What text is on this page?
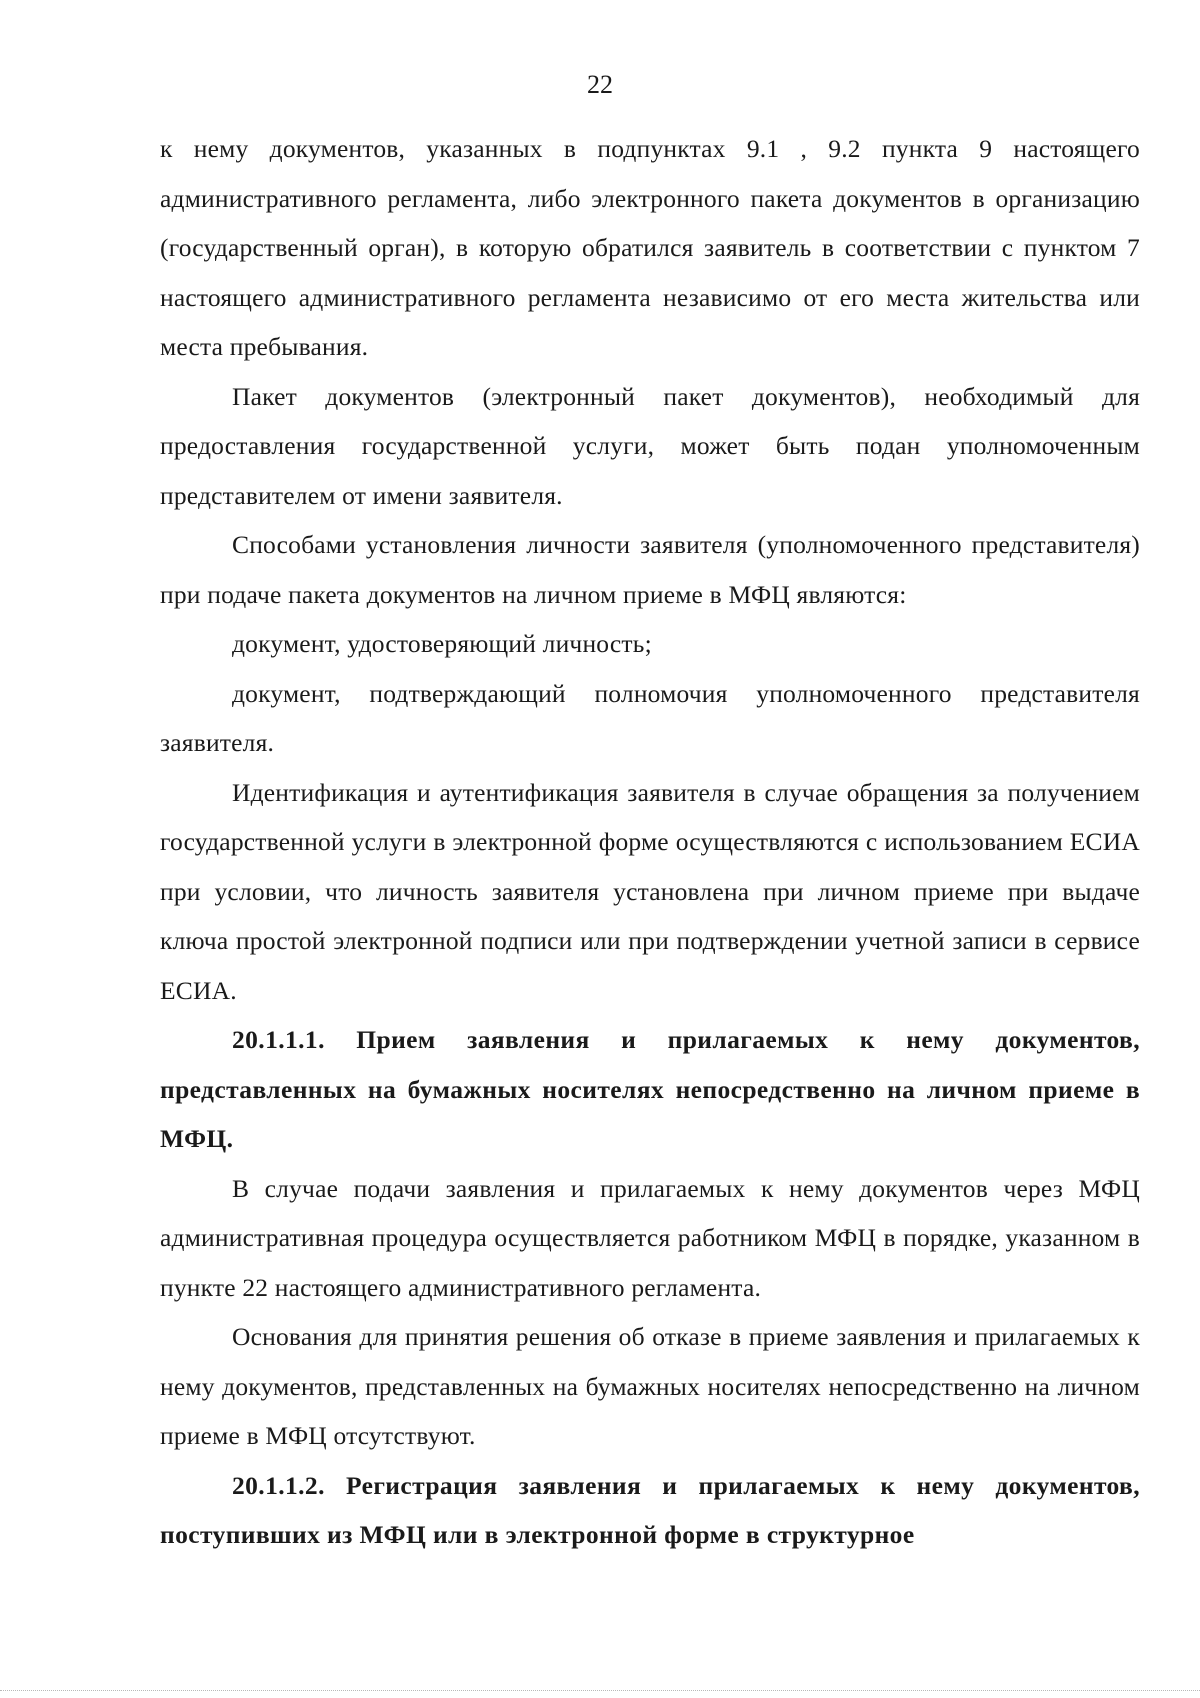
22

к нему документов, указанных в подпунктах 9.1 , 9.2 пункта 9 настоящего административного регламента, либо электронного пакета документов в организацию (государственный орган), в которую обратился заявитель в соответствии с пунктом 7 настоящего административного регламента независимо от его места жительства или места пребывания.

Пакет документов (электронный пакет документов), необходимый для предоставления государственной услуги, может быть подан уполномоченным представителем от имени заявителя.

Способами установления личности заявителя (уполномоченного представителя) при подаче пакета документов на личном приеме в МФЦ являются:

документ, удостоверяющий личность;

документ, подтверждающий полномочия уполномоченного представителя заявителя.

Идентификация и аутентификация заявителя в случае обращения за получением государственной услуги в электронной форме осуществляются с использованием ЕСИА при условии, что личность заявителя установлена при личном приеме при выдаче ключа простой электронной подписи или при подтверждении учетной записи в сервисе ЕСИА.

20.1.1.1. Прием заявления и прилагаемых к нему документов, представленных на бумажных носителях непосредственно на личном приеме в МФЦ.

В случае подачи заявления и прилагаемых к нему документов через МФЦ административная процедура осуществляется работником МФЦ в порядке, указанном в пункте 22 настоящего административного регламента.

Основания для принятия решения об отказе в приеме заявления и прилагаемых к нему документов, представленных на бумажных носителях непосредственно на личном приеме в МФЦ отсутствуют.

20.1.1.2. Регистрация заявления и прилагаемых к нему документов, поступивших из МФЦ или в электронной форме в структурное
